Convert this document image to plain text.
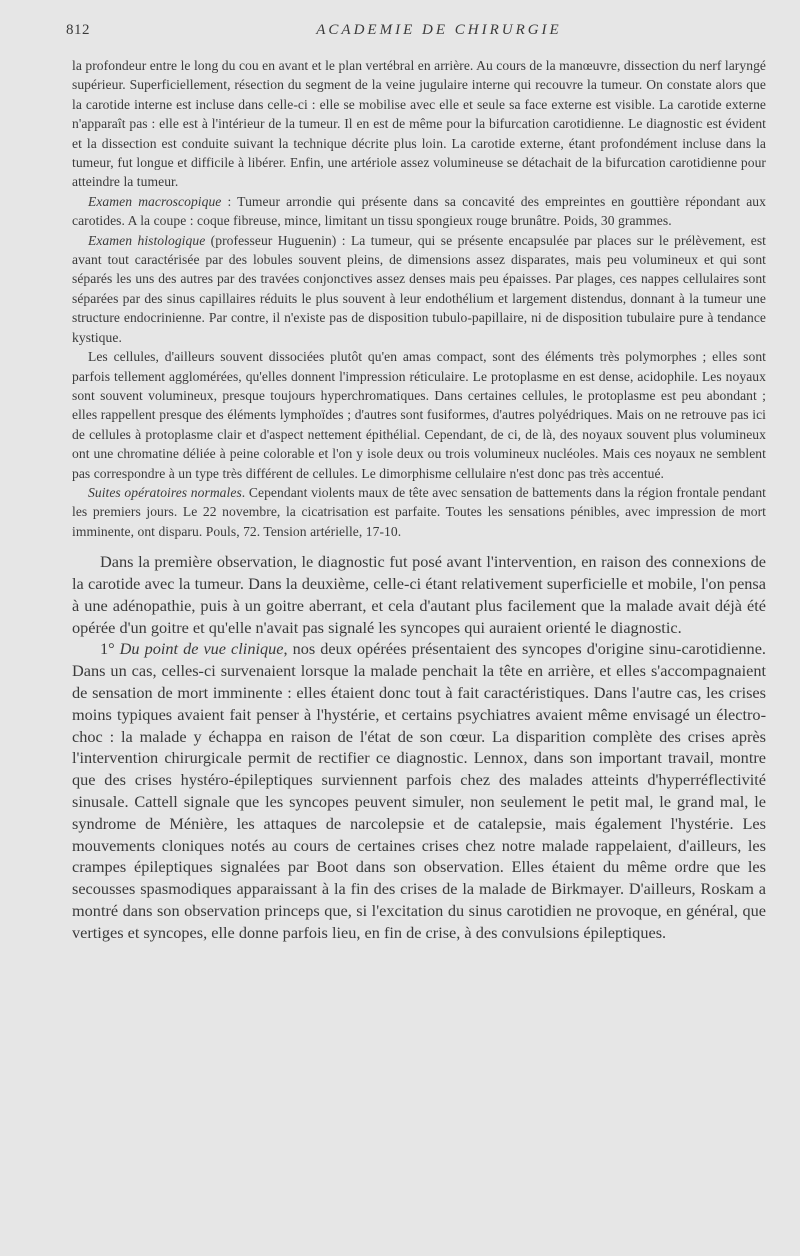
812	ACADEMIE DE CHIRURGIE

la profondeur entre le long du cou en avant et le plan vertébral en arrière. Au cours de la manœuvre, dissection du nerf laryngé supérieur. Superficiellement, résection du segment de la veine jugulaire interne qui recouvre la tumeur. On constate alors que la carotide interne est incluse dans celle-ci : elle se mobilise avec elle et seule sa face externe est visible. La carotide externe n'apparaît pas : elle est à l'intérieur de la tumeur. Il en est de même pour la bifurcation carotidienne. Le diagnostic est évident et la dissection est conduite suivant la technique décrite plus loin. La carotide externe, étant profondément incluse dans la tumeur, fut longue et difficile à libérer. Enfin, une artériole assez volumineuse se détachait de la bifurcation carotidienne pour atteindre la tumeur.

Examen macroscopique : Tumeur arrondie qui présente dans sa concavité des empreintes en gouttière répondant aux carotides. A la coupe : coque fibreuse, mince, limitant un tissu spongieux rouge brunâtre. Poids, 30 grammes.

Examen histologique (professeur Huguenin) : La tumeur, qui se présente encapsulée par places sur le prélèvement, est avant tout caractérisée par des lobules souvent pleins, de dimensions assez disparates, mais peu volumineux et qui sont séparés les uns des autres par des travées conjonctives assez denses mais peu épaisses. Par plages, ces nappes cellulaires sont séparées par des sinus capillaires réduits le plus souvent à leur endothélium et largement distendus, donnant à la tumeur une structure endocrinienne. Par contre, il n'existe pas de disposition tubulo-papillaire, ni de disposition tubulaire pure à tendance kystique.

Les cellules, d'ailleurs souvent dissociées plutôt qu'en amas compact, sont des éléments très polymorphes ; elles sont parfois tellement agglomérées, qu'elles donnent l'impression réticulaire. Le protoplasme en est dense, acidophile. Les noyaux sont souvent volumineux, presque toujours hyperchromatiques. Dans certaines cellules, le protoplasme est peu abondant ; elles rappellent presque des éléments lymphoïdes ; d'autres sont fusiformes, d'autres polyédriques. Mais on ne retrouve pas ici de cellules à protoplasme clair et d'aspect nettement épithélial. Cependant, de ci, de là, des noyaux souvent plus volumineux ont une chromatine déliée à peine colorable et l'on y isole deux ou trois volumineux nucléoles. Mais ces noyaux ne semblent pas correspondre à un type très différent de cellules. Le dimorphisme cellulaire n'est donc pas très accentué.

Suites opératoires normales. Cependant violents maux de tête avec sensation de battements dans la région frontale pendant les premiers jours. Le 22 novembre, la cicatrisation est parfaite. Toutes les sensations pénibles, avec impression de mort imminente, ont disparu. Pouls, 72. Tension artérielle, 17-10.

Dans la première observation, le diagnostic fut posé avant l'intervention, en raison des connexions de la carotide avec la tumeur. Dans la deuxième, celle-ci étant relativement superficielle et mobile, l'on pensa à une adénopathie, puis à un goitre aberrant, et cela d'autant plus facilement que la malade avait déjà été opérée d'un goitre et qu'elle n'avait pas signalé les syncopes qui auraient orienté le diagnostic.

1° Du point de vue clinique, nos deux opérées présentaient des syncopes d'origine sinu-carotidienne. Dans un cas, celles-ci survenaient lorsque la malade penchait la tête en arrière, et elles s'accompagnaient de sensation de mort imminente : elles étaient donc tout à fait caractéristiques. Dans l'autre cas, les crises moins typiques avaient fait penser à l'hystérie, et certains psychiatres avaient même envisagé un électro-choc : la malade y échappa en raison de l'état de son cœur. La disparition complète des crises après l'intervention chirurgicale permit de rectifier ce diagnostic. Lennox, dans son important travail, montre que des crises hystéro-épileptiques surviennent parfois chez des malades atteints d'hyperréflectivité sinusale. Cattell signale que les syncopes peuvent simuler, non seulement le petit mal, le grand mal, le syndrome de Ménière, les attaques de narcolepsie et de catalepsie, mais également l'hystérie. Les mouvements cloniques notés au cours de certaines crises chez notre malade rappelaient, d'ailleurs, les crampes épileptiques signalées par Boot dans son observation. Elles étaient du même ordre que les secousses spasmodiques apparaissant à la fin des crises de la malade de Birkmayer. D'ailleurs, Roskam a montré dans son observation princeps que, si l'excitation du sinus carotidien ne provoque, en général, que vertiges et syncopes, elle donne parfois lieu, en fin de crise, à des convulsions épileptiques.
